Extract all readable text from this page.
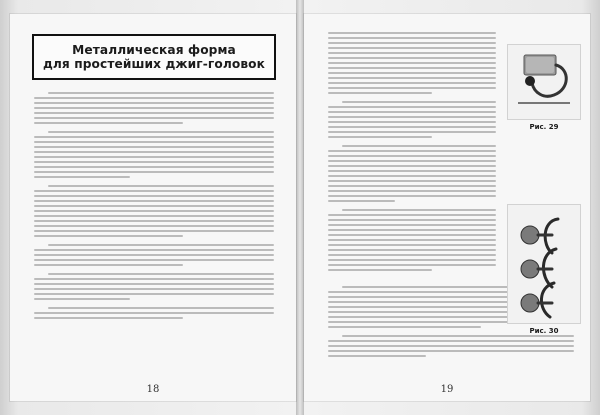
Металлическая форма
для простейших джиг-головок
18
Рис. 29
Рис. 30
19
